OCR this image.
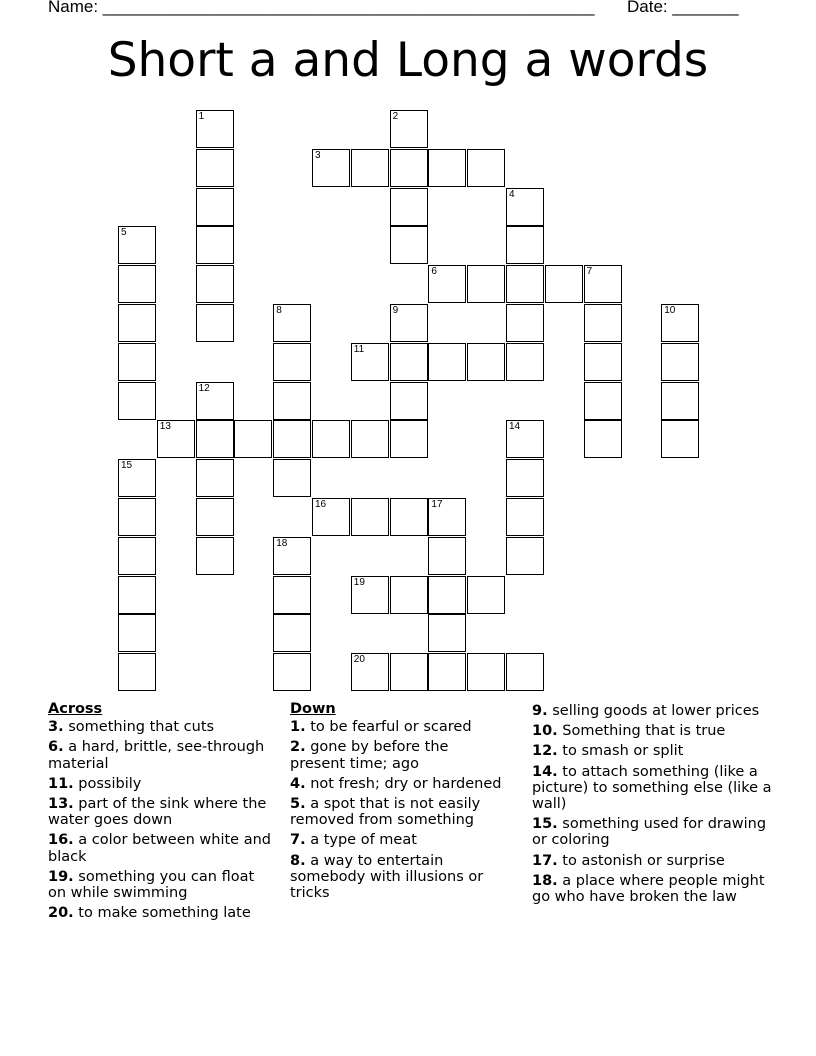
Name: ____________________________________________________ Date: _______
Short a and Long a words
1	2
3
4
5
6	7
8	9	10
11
12
13	14
15
16	17
18
19
20
Across
3. something that cuts
6. a hard, brittle, see-through material
11. possibily
13. part of the sink where the water goes down
16. a color between white and black
19. something you can float on while swimming
20. to make something late
Down
1. to be fearful or scared
2. gone by before the present time; ago
4. not fresh; dry or hardened
5. a spot that is not easily removed from something
7. a type of meat
8. a way to entertain somebody with illusions or tricks
9. selling goods at lower prices
10. Something that is true
12. to smash or split
14. to attach something (like a picture) to something else (like a wall)
15. something used for drawing or coloring
17. to astonish or surprise
18. a place where people might go who have broken the law
